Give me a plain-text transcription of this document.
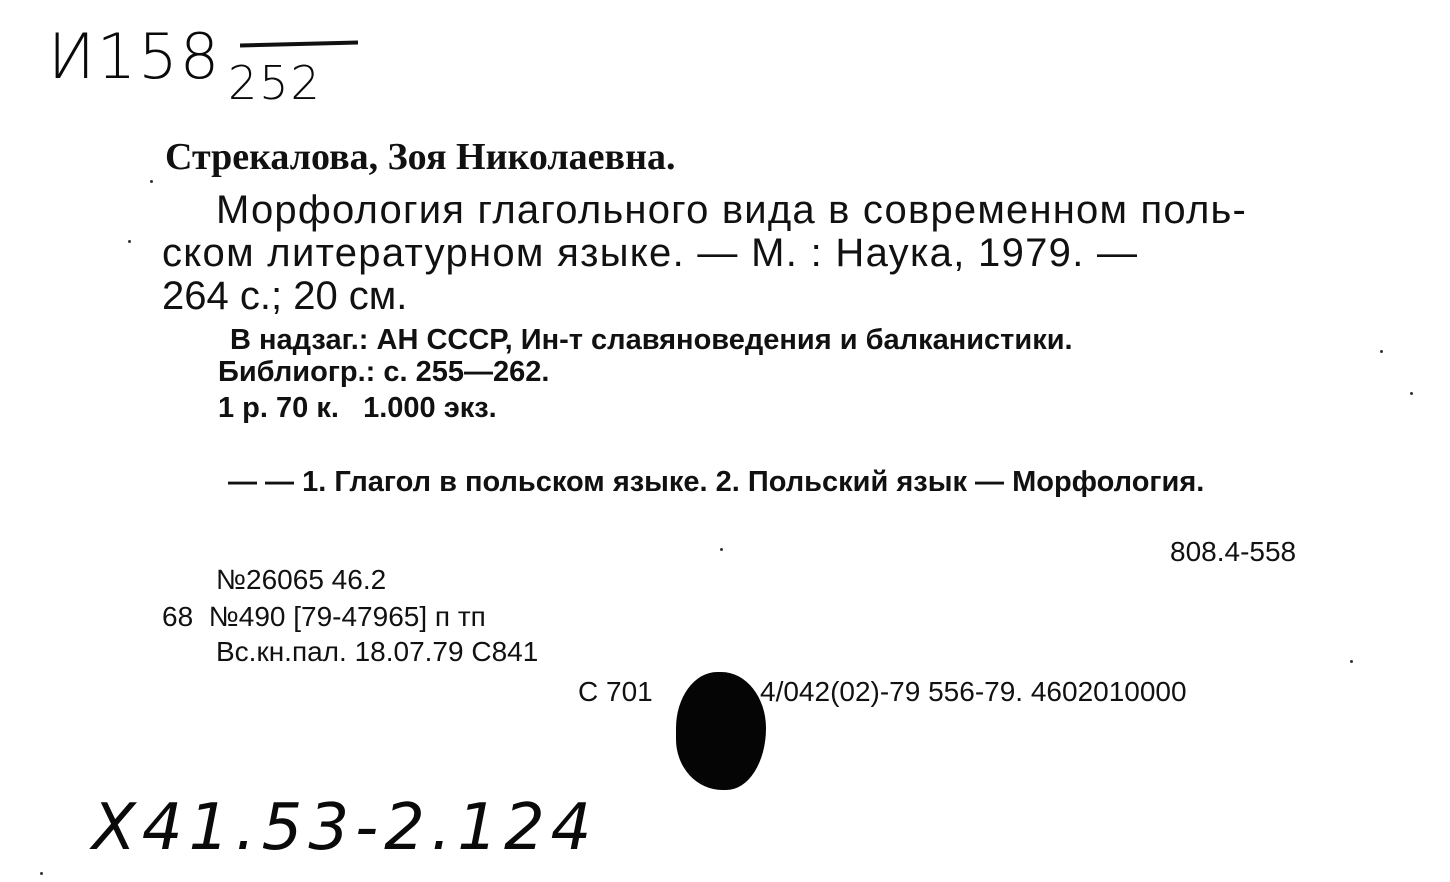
И158 252
Стрекалова, Зоя Николаевна.
Морфология глагольного вида в современном поль-
ском литературном языке. — М. : Наука, 1979. —
264 с.; 20 см.
В надзаг.: АН СССР, Ин-т славяноведения и балканистики.
Библиогр.: с. 255—262.
1 р. 70 к.   1.000 экз.
— — 1. Глагол в польском языке. 2. Польский язык — Морфология.
808.4-558
№26065 46.2
68  №490 [79-47965] п тп
Вс.кн.пал. 18.07.79 С841
С 701	4/042(02)-79 556-79. 4602010000
Х41.53-2.124
